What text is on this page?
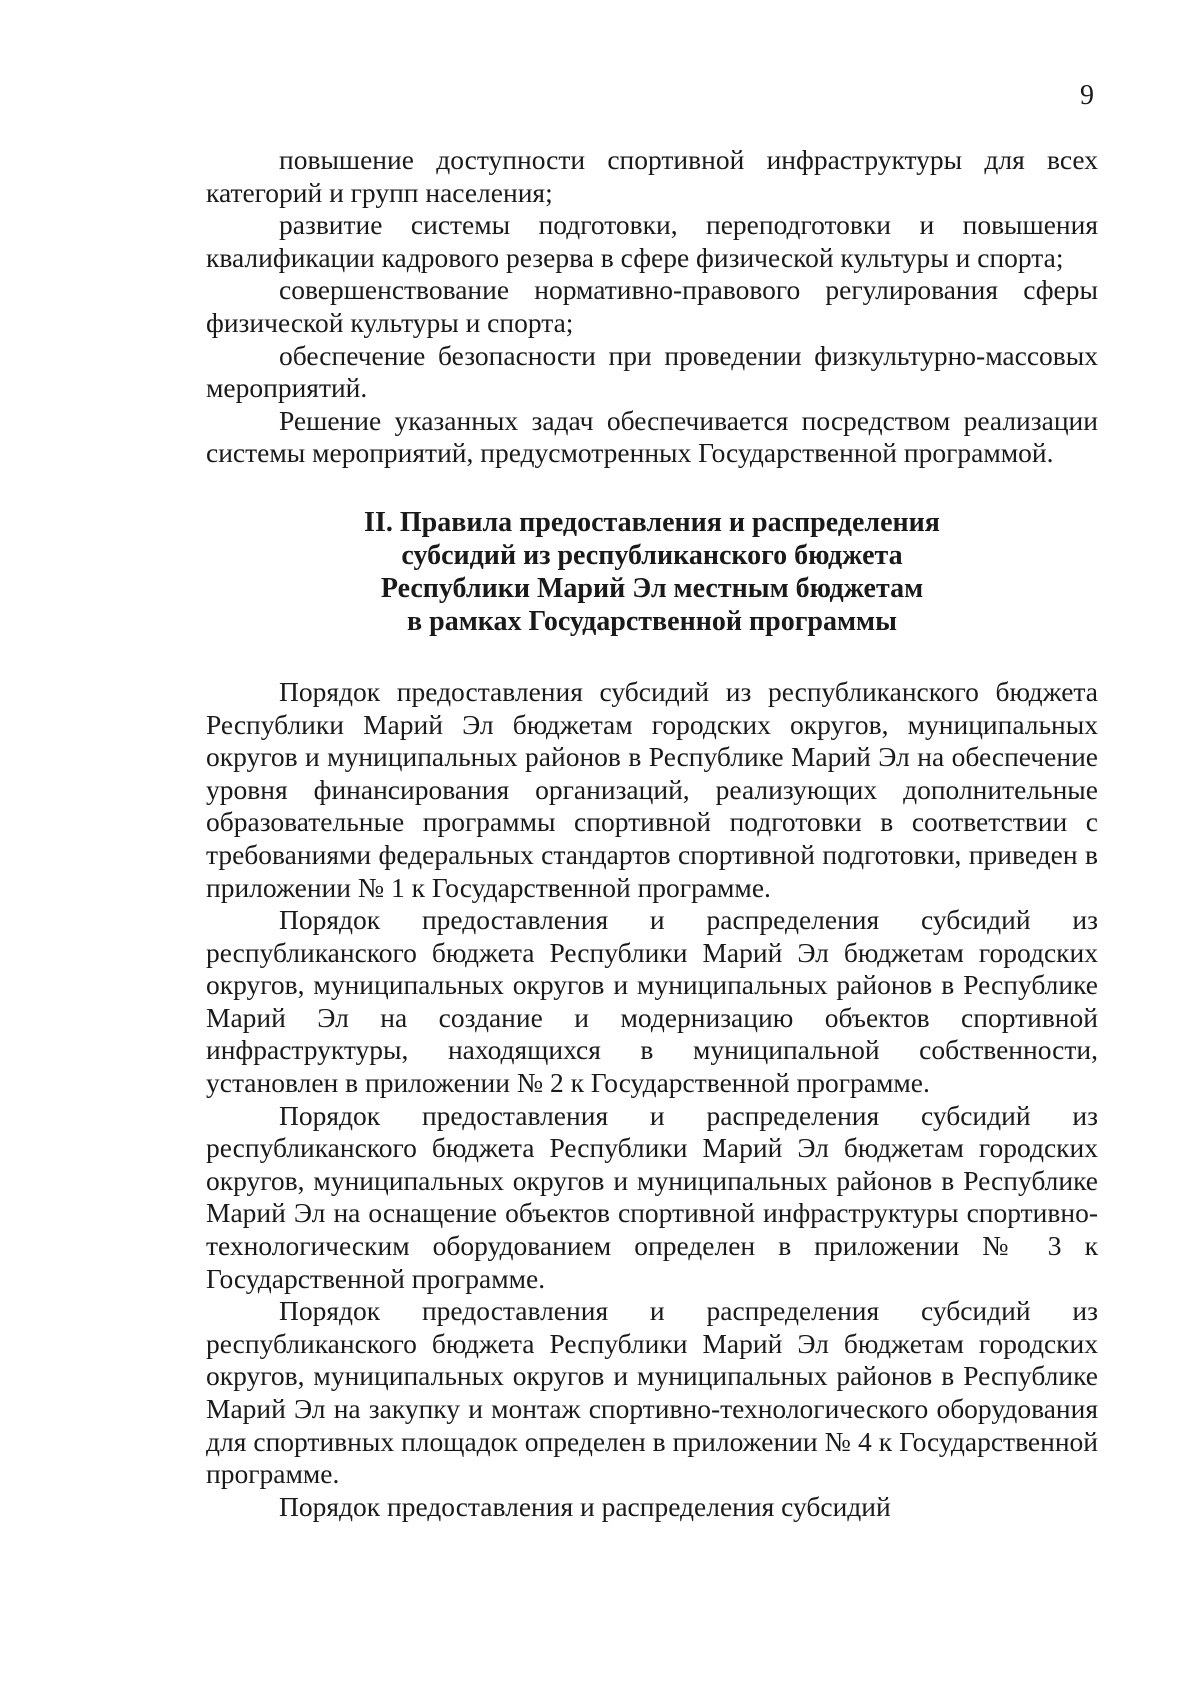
9

повышение доступности спортивной инфраструктуры для всех категорий и групп населения;

развитие системы подготовки, переподготовки и повышения квалификации кадрового резерва в сфере физической культуры и спорта;

совершенствование нормативно-правового регулирования сферы физической культуры и спорта;

обеспечение безопасности при проведении физкультурно-массовых мероприятий.

Решение указанных задач обеспечивается посредством реализации системы мероприятий, предусмотренных Государственной программой.

II. Правила предоставления и распределения
субсидий из республиканского бюджета
Республики Марий Эл местным бюджетам
в рамках Государственной программы

Порядок предоставления субсидий из республиканского бюджета Республики Марий Эл бюджетам городских округов, муниципальных округов и муниципальных районов в Республике Марий Эл на обеспечение уровня финансирования организаций, реализующих дополнительные образовательные программы спортивной подготовки в соответствии с требованиями федеральных стандартов спортивной подготовки, приведен в приложении № 1 к Государственной программе.

Порядок предоставления и распределения субсидий из республиканского бюджета Республики Марий Эл бюджетам городских округов, муниципальных округов и муниципальных районов в Республике Марий Эл на создание и модернизацию объектов спортивной инфраструктуры, находящихся в муниципальной собственности, установлен в приложении № 2 к Государственной программе.

Порядок предоставления и распределения субсидий из республиканского бюджета Республики Марий Эл бюджетам городских округов, муниципальных округов и муниципальных районов в Республике Марий Эл на оснащение объектов спортивной инфраструктуры спортивно-технологическим оборудованием определен в приложении № 3 к Государственной программе.

Порядок предоставления и распределения субсидий из республиканского бюджета Республики Марий Эл бюджетам городских округов, муниципальных округов и муниципальных районов в Республике Марий Эл на закупку и монтаж спортивно-технологического оборудования для спортивных площадок определен в приложении № 4 к Государственной программе.

Порядок предоставления и распределения субсидий
